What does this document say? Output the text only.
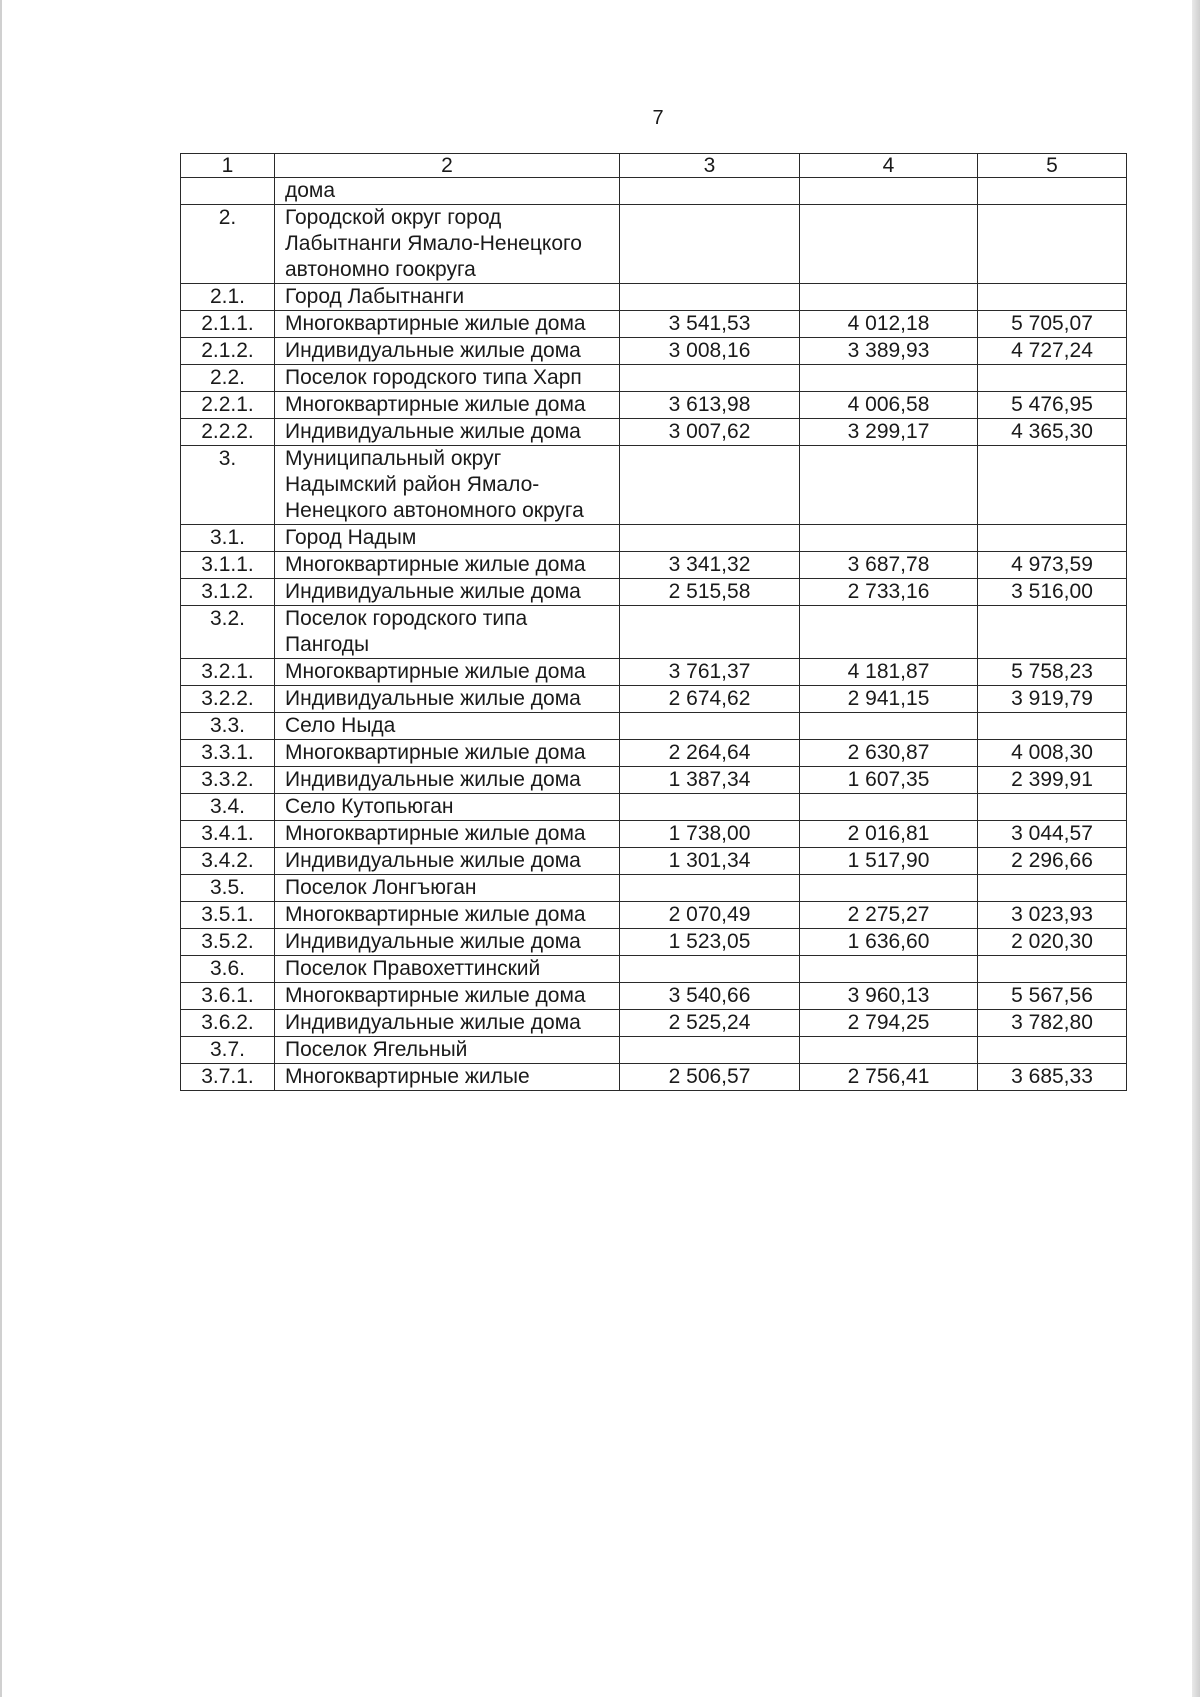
7
1	2	3	4	5
	дома			
2.	Городской округ город Лабытнанги Ямало-Ненецкого автономно гоокруга			
2.1.	Город Лабытнанги			
2.1.1.	Многоквартирные жилые дома	3 541,53	4 012,18	5 705,07
2.1.2.	Индивидуальные жилые дома	3 008,16	3 389,93	4 727,24
2.2.	Поселок городского типа Харп			
2.2.1.	Многоквартирные жилые дома	3 613,98	4 006,58	5 476,95
2.2.2.	Индивидуальные жилые дома	3 007,62	3 299,17	4 365,30
3.	Муниципальный округ Надымский район Ямало-Ненецкого автономного округа			
3.1.	Город Надым			
3.1.1.	Многоквартирные жилые дома	3 341,32	3 687,78	4 973,59
3.1.2.	Индивидуальные жилые дома	2 515,58	2 733,16	3 516,00
3.2.	Поселок городского типа Пангоды			
3.2.1.	Многоквартирные жилые дома	3 761,37	4 181,87	5 758,23
3.2.2.	Индивидуальные жилые дома	2 674,62	2 941,15	3 919,79
3.3.	Село Ныда			
3.3.1.	Многоквартирные жилые дома	2 264,64	2 630,87	4 008,30
3.3.2.	Индивидуальные жилые дома	1 387,34	1 607,35	2 399,91
3.4.	Село Кутопьюган			
3.4.1.	Многоквартирные жилые дома	1 738,00	2 016,81	3 044,57
3.4.2.	Индивидуальные жилые дома	1 301,34	1 517,90	2 296,66
3.5.	Поселок Лонгъюган			
3.5.1.	Многоквартирные жилые дома	2 070,49	2 275,27	3 023,93
3.5.2.	Индивидуальные жилые дома	1 523,05	1 636,60	2 020,30
3.6.	Поселок Правохеттинский			
3.6.1.	Многоквартирные жилые дома	3 540,66	3 960,13	5 567,56
3.6.2.	Индивидуальные жилые дома	2 525,24	2 794,25	3 782,80
3.7.	Поселок Ягельный			
3.7.1.	Многоквартирные жилые	2 506,57	2 756,41	3 685,33
